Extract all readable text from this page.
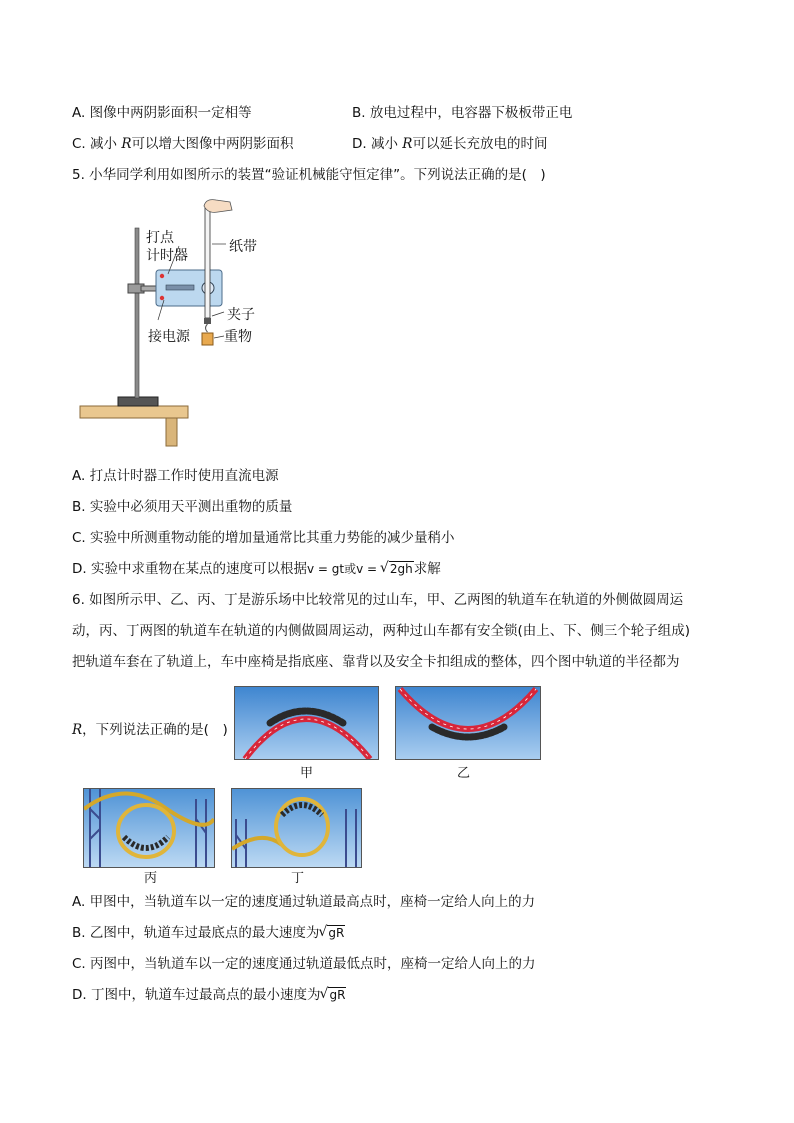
A. 图像中两阴影面积一定相等	B. 放电过程中，电容器下极板带正电
C. 减小 R可以增大图像中两阴影面积	D. 减小 R可以延长充放电的时间
5. 小华同学利用如图所示的装置“验证机械能守恒定律”。下列说法正确的是(　)
打点
计时器
纸带
夹子
接电源 重物
A. 打点计时器工作时使用直流电源
B. 实验中必须用天平测出重物的质量
C. 实验中所测重物动能的增加量通常比其重力势能的减少量稍小
D. 实验中求重物在某点的速度可以根据v = gt或v = √ 2gh求解
6. 如图所示甲、乙、丙、丁是游乐场中比较常见的过山车，甲、乙两图的轨道车在轨道的外侧做圆周运
动，丙、丁两图的轨道车在轨道的内侧做圆周运动，两种过山车都有安全锁(由上、下、侧三个轮子组成)
把轨道车套在了轨道上，车中座椅是指底座、靠背以及安全卡扣组成的整体，四个图中轨道的半径都为
R，下列说法正确的是(　)
甲	乙
丙	丁
A. 甲图中，当轨道车以一定的速度通过轨道最高点时，座椅一定给人向上的力
B. 乙图中，轨道车过最底点的最大速度为 √ gR
C. 丙图中，当轨道车以一定的速度通过轨道最低点时，座椅一定给人向上的力
D. 丁图中，轨道车过最高点的最小速度为 √ gR
